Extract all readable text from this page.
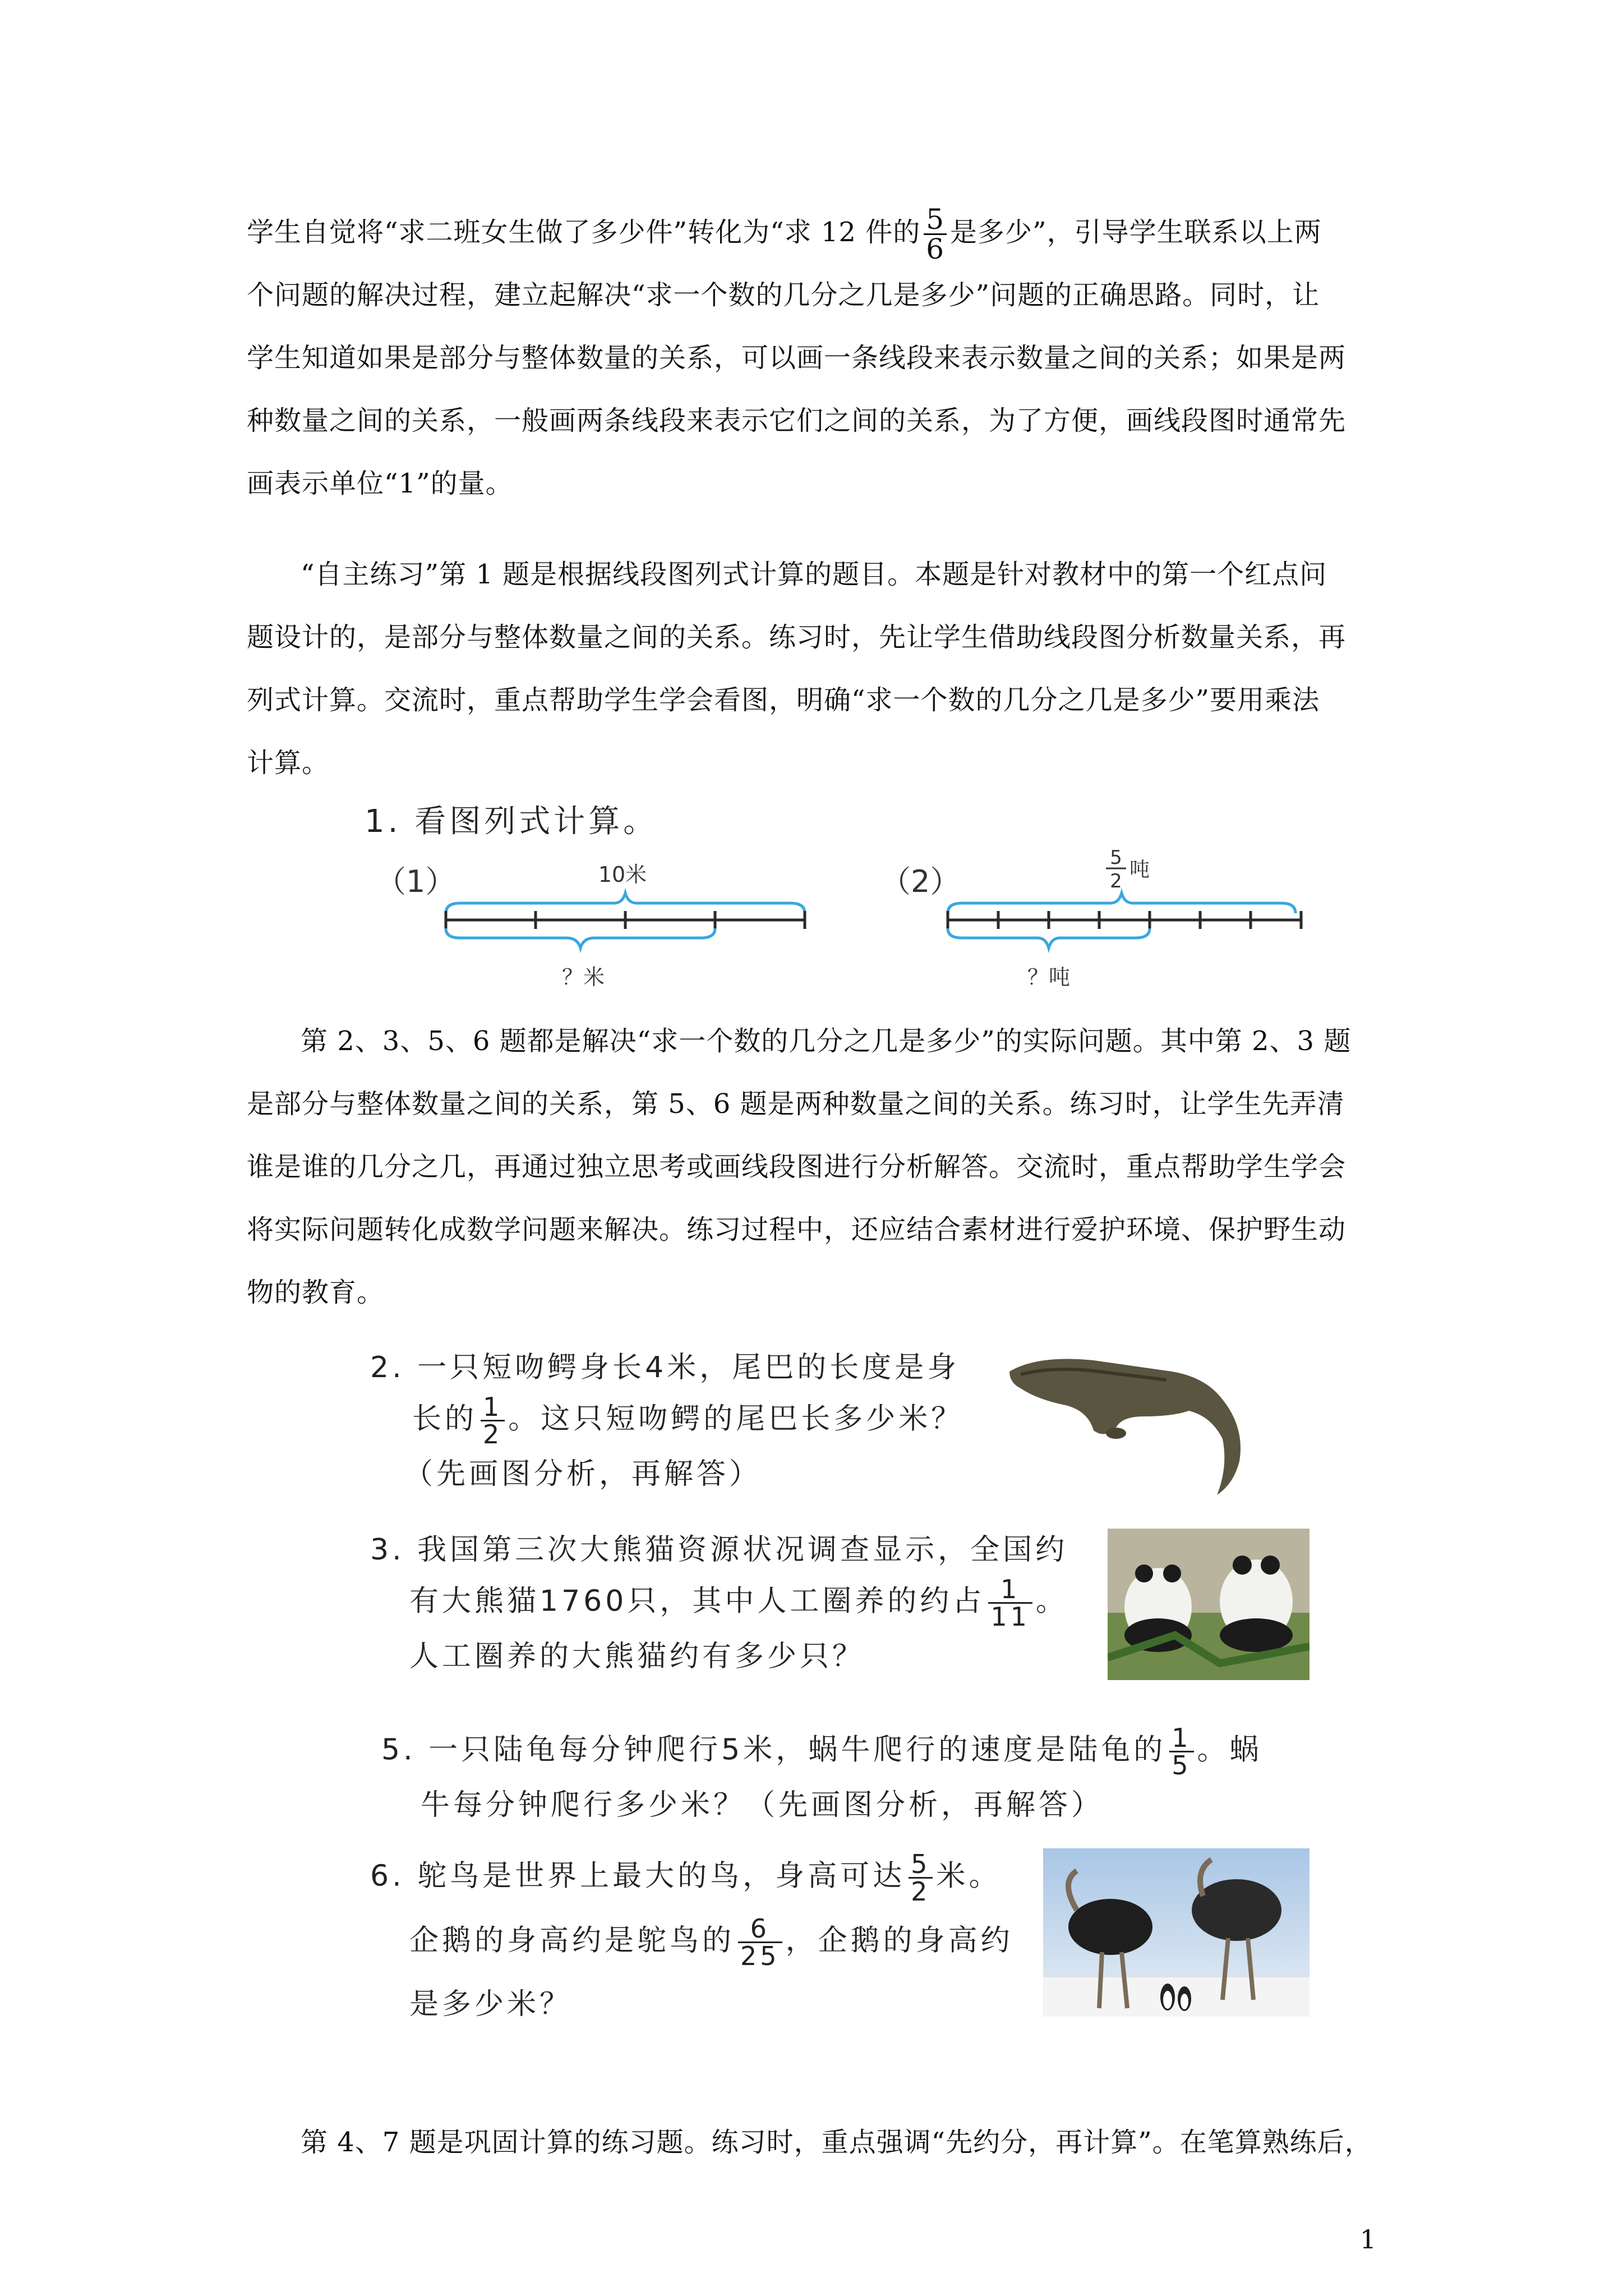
学生自觉将“求二班女生做了多少件”转化为“求 12 件的 $\frac{5}{6}$ 是多少”，引导学生联系以上两
个问题的解决过程，建立起解决“求一个数的几分之几是多少”问题的正确思路。同时，让
学生知道如果是部分与整体数量的关系，可以画一条线段来表示数量之间的关系；如果是两
种数量之间的关系，一般画两条线段来表示它们之间的关系，为了方便，画线段图时通常先
画表示单位“1”的量。
“自主练习”第 1 题是根据线段图列式计算的题目。本题是针对教材中的第一个红点问
题设计的，是部分与整体数量之间的关系。练习时，先让学生借助线段图分析数量关系，再
列式计算。交流时，重点帮助学生学会看图，明确“求一个数的几分之几是多少”要用乘法
计算。
1. 看图列式计算。
（1）	10米
？米
（2）
5
2 吨
？吨
第 2、3、5、6 题都是解决“求一个数的几分之几是多少”的实际问题。其中第 2、3 题
是部分与整体数量之间的关系，第 5、6 题是两种数量之间的关系。练习时，让学生先弄清
谁是谁的几分之几，再通过独立思考或画线段图进行分析解答。交流时，重点帮助学生学会
将实际问题转化成数学问题来解决。练习过程中，还应结合素材进行爱护环境、保护野生动
物的教育。
2. 一只短吻鳄身长4米，尾巴的长度是身
长的 $\frac{1}{2}$ 。这只短吻鳄的尾巴长多少米？
（先画图分析，再解答）
3. 我国第三次大熊猫资源状况调查显示，全国约
有大熊猫1760只，其中人工圈养的约占 $\frac{1}{11}$ 。
人工圈养的大熊猫约有多少只？
5. 一只陆龟每分钟爬行5米，蜗牛爬行的速度是陆龟的 $\frac{1}{5}$ 。蜗
牛每分钟爬行多少米？（先画图分析，再解答）
6. 鸵鸟是世界上最大的鸟，身高可达 $\frac{5}{2}$ 米。
企鹅的身高约是鸵鸟的 $\frac{6}{25}$ ，企鹅的身高约
是多少米？
第 4、7 题是巩固计算的练习题。练习时，重点强调“先约分，再计算”。在笔算熟练后，
1
